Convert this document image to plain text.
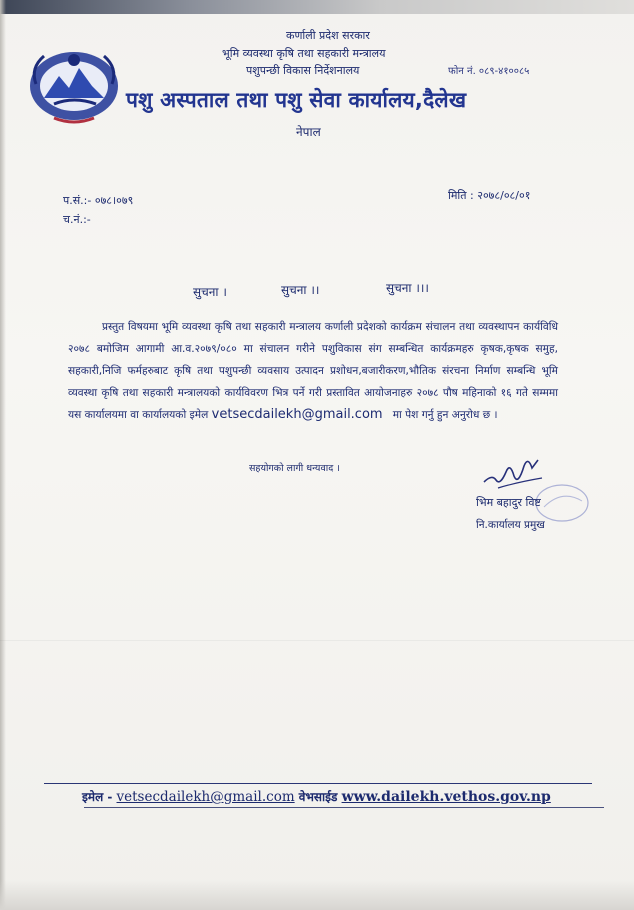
कर्णाली प्रदेश सरकार
भूमि व्यवस्था कृषि तथा सहकारी मन्त्रालय
पशुपन्छी विकास निर्देशनालय	फोन नं. ०८९-४१००८५
पशु अस्पताल तथा पशु सेवा कार्यालय,दैलेख
नेपाल
प.सं.:- ०७८।०७९
च.नं.:-
मिति : २०७८/०८/०१
सुचना ।	सुचना ।।	सुचना ।।।
प्रस्तुत विषयमा भूमि व्यवस्था कृषि तथा सहकारी मन्त्रालय कर्णाली प्रदेशको कार्यक्रम संचालन तथा व्यवस्थापन कार्यविधि २०७८ बमोजिम आगामी आ.व.२०७९/०८० मा संचालन गरीने पशुविकास संग सम्बन्धित कार्यक्रमहरु कृषक,कृषक समुह, सहकारी,निजि फर्महरुबाट कृषि तथा पशुपन्छी व्यवसाय उत्पादन प्रशोधन,बजारीकरण,भौतिक संरचना निर्माण सम्बन्धि भूमि व्यवस्था कृषि तथा सहकारी मन्त्रालयको कार्यविवरण भित्र पर्ने गरी प्रस्तावित आयोजनाहरु २०७८ पौष महिनाको १६ गते सम्ममा यस कार्यालयमा वा कार्यालयको इमेल vetsecdailekh@gmail.com मा पेश गर्नु हुन अनुरोध छ ।
सहयोगको लागी धन्यवाद ।
भिम बहादुर विष्ट
नि.कार्यालय प्रमुख
इमेल - vetsecdailekh@gmail.com वेभसाईड www.dailekh.vethos.gov.np
